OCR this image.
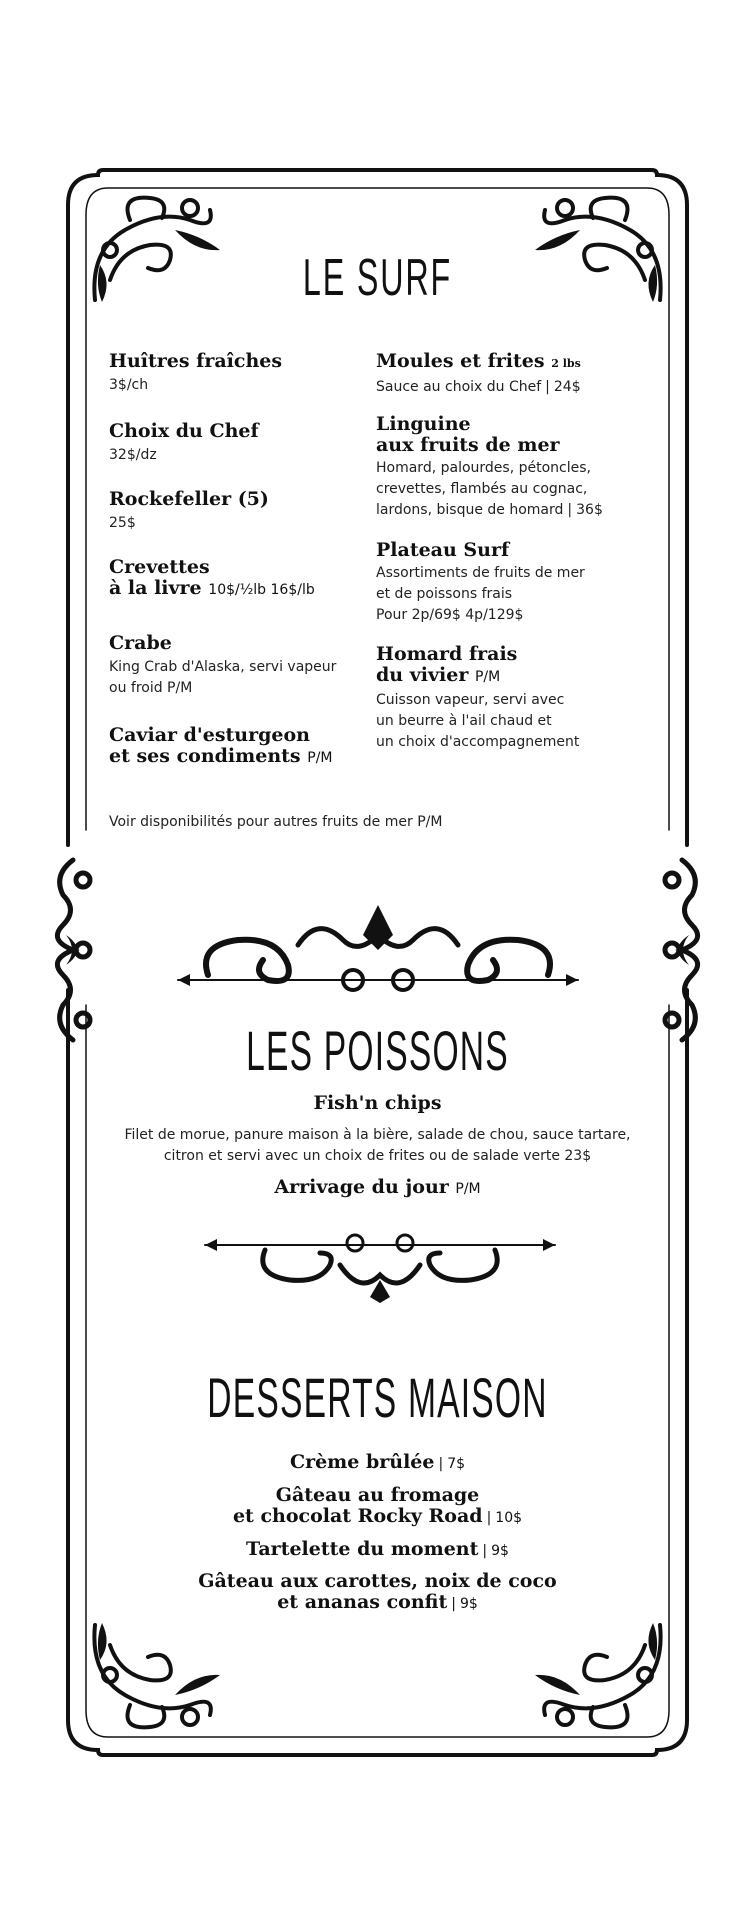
LE SURF
Huîtres fraîches
3$/ch
Choix du Chef
32$/dz
Rockefeller (5)
25$
Crevettes
à la livre 10$/½lb 16$/lb
Crabe
King Crab d'Alaska, servi vapeur
ou froid P/M
Caviar d'esturgeon
et ses condiments P/M
Moules et frites 2 lbs
Sauce au choix du Chef | 24$
Linguine
aux fruits de mer
Homard, palourdes, pétoncles,
crevettes, flambés au cognac,
lardons, bisque de homard | 36$
Plateau Surf
Assortiments de fruits de mer
et de poissons frais
Pour 2p/69$ 4p/129$
Homard frais
du vivier P/M
Cuisson vapeur, servi avec
un beurre à l'ail chaud et
un choix d'accompagnement
Voir disponibilités pour autres fruits de mer P/M
LES POISSONS
Fish'n chips
Filet de morue, panure maison à la bière, salade de chou, sauce tartare,
citron et servi avec un choix de frites ou de salade verte 23$
Arrivage du jour P/M
DESSERTS MAISON
Crème brûlée | 7$
Gâteau au fromage
et chocolat Rocky Road | 10$
Tartelette du moment | 9$
Gâteau aux carottes, noix de coco
et ananas confit | 9$
